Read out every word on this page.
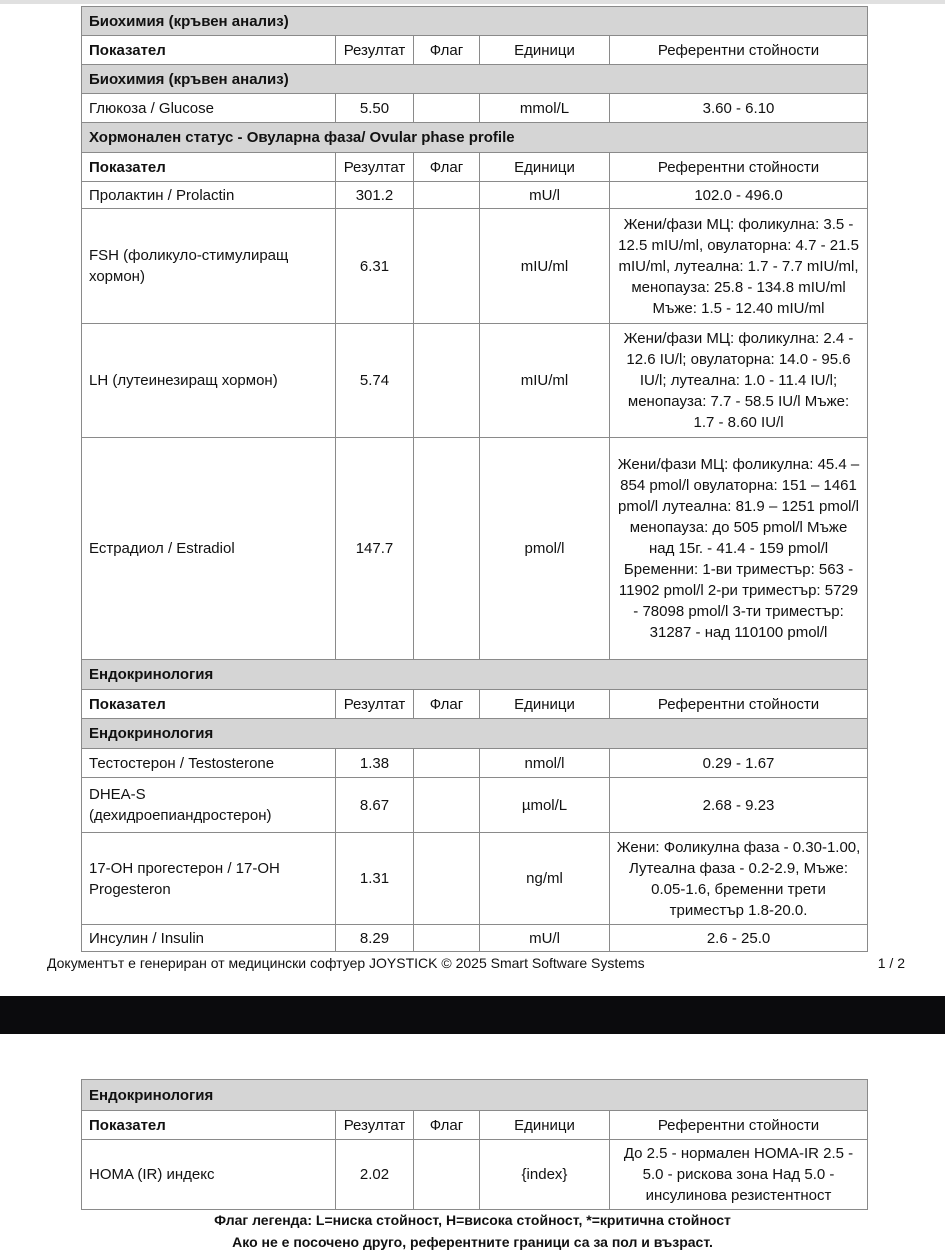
Биохимия (кръвен анализ)				
Показател	Резултат	Флаг	Единици	Референтни стойности
Биохимия (кръвен анализ)				
Глюкоза / Glucose	5.50		mmol/L	3.60 - 6.10
Хормонален статус - Овуларна фаза/ Ovular phase profile				
Показател	Резултат	Флаг	Единици	Референтни стойности
Пролактин / Prolactin	301.2		mU/l	102.0 - 496.0
FSH (фоликуло-стимулиращ хормон)	6.31		mIU/ml	Жени/фази МЦ: фоликулна: 3.5 - 12.5 mIU/ml, овулаторна: 4.7 - 21.5 mIU/ml, лутеална: 1.7 - 7.7 mIU/ml, менопауза: 25.8 - 134.8 mIU/ml Мъже: 1.5 - 12.40 mIU/ml
LH (лутеинезиращ хормон)	5.74		mIU/ml	Жени/фази МЦ: фоликулна: 2.4 - 12.6 IU/l; овулаторна: 14.0 - 95.6 IU/l; лутеална: 1.0 - 11.4 IU/l; менопауза: 7.7 - 58.5 IU/l Мъже: 1.7 - 8.60 IU/l
Естрадиол / Estradiol	147.7		pmol/l	Жени/фази МЦ: фоликулна: 45.4 – 854 pmol/l овулаторна: 151 – 1461 pmol/l лутеална: 81.9 – 1251 pmol/l менопауза: до 505 pmol/l Мъже над 15г. - 41.4 - 159 pmol/l Бременни: 1-ви триместър: 563 - 11902 pmol/l 2-ри триместър: 5729 - 78098 pmol/l 3-ти триместър: 31287 - над 110100 pmol/l
Ендокринология				
Показател	Резултат	Флаг	Единици	Референтни стойности
Ендокринология				
Тестостерон / Testosterone	1.38		nmol/l	0.29 - 1.67
DHEA-S (дехидроепиандростерон)	8.67		µmol/L	2.68 - 9.23
17-OH прогестерон / 17-OH Progesteron	1.31		ng/ml	Жени: Фоликулна фаза - 0.30-1.00, Лутеална фаза - 0.2-2.9, Мъже: 0.05-1.6, бременни трети триместър 1.8-20.0.
Инсулин / Insulin	8.29		mU/l	2.6 - 25.0
Документът е генериран от медицински софтуер JOYSTICK © 2025 Smart Software Systems	1 / 2
Ендокринология				
Показател	Резултат	Флаг	Единици	Референтни стойности
HOMA (IR) индекс	2.02		{index}	До 2.5 - нормален HOMA-IR 2.5 - 5.0 - рискова зона Над 5.0 - инсулинова резистентност
Флаг легенда: L=ниска стойност, H=висока стойност, *=критична стойност
Ако не е посочено друго, референтните граници са за пол и възраст.
